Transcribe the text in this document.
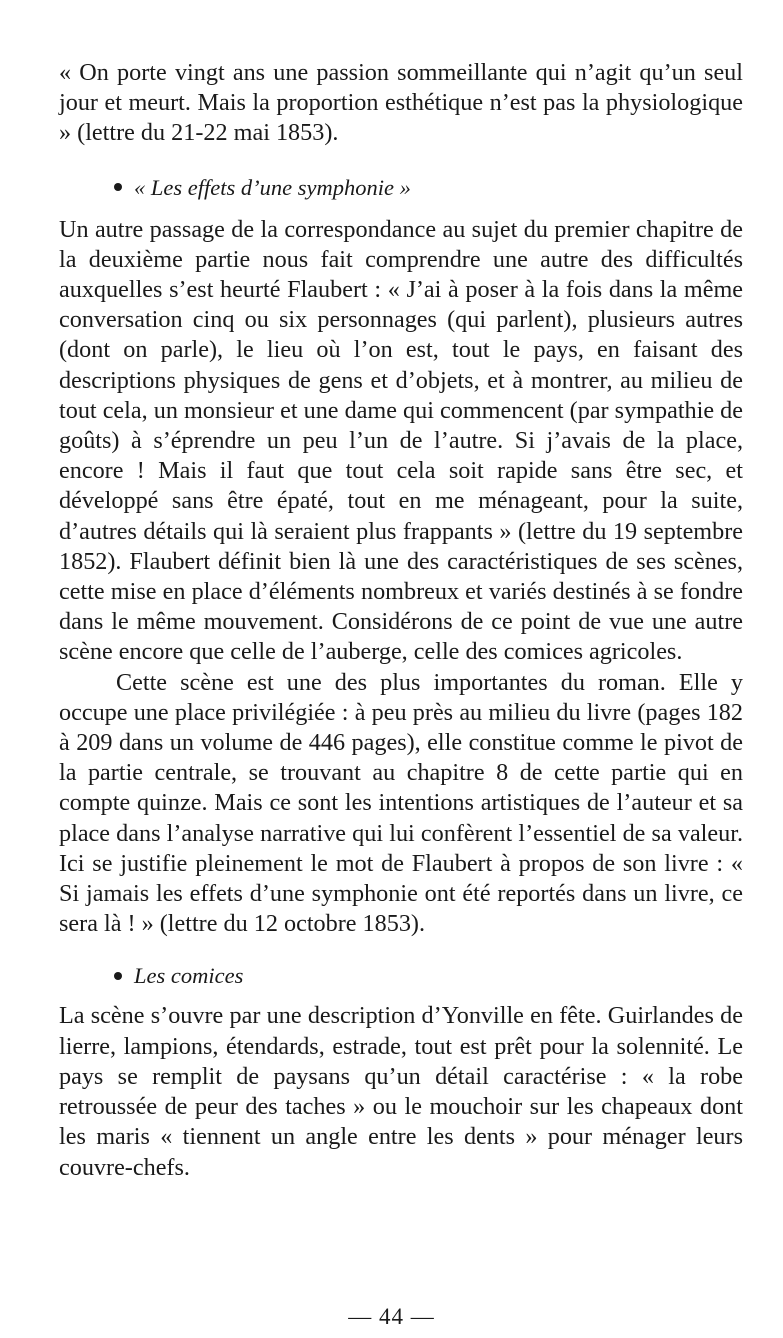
« On porte vingt ans une passion sommeillante qui n’agit qu’un seul jour et meurt. Mais la proportion esthétique n’est pas la physiologique » (lettre du 21-22 mai 1853).

« Les effets d’une symphonie »

Un autre passage de la correspondance au sujet du premier chapitre de la deuxième partie nous fait comprendre une autre des difficultés auxquelles s’est heurté Flaubert : « J’ai à poser à la fois dans la même conversation cinq ou six personnages (qui parlent), plusieurs autres (dont on parle), le lieu où l’on est, tout le pays, en faisant des descriptions physiques de gens et d’objets, et à montrer, au milieu de tout cela, un monsieur et une dame qui commencent (par sympathie de goûts) à s’éprendre un peu l’un de l’autre. Si j’avais de la place, encore ! Mais il faut que tout cela soit rapide sans être sec, et développé sans être épaté, tout en me ménageant, pour la suite, d’autres détails qui là seraient plus frappants » (lettre du 19 septembre 1852). Flaubert définit bien là une des caractéristiques de ses scènes, cette mise en place d’éléments nombreux et variés destinés à se fondre dans le même mouvement. Considérons de ce point de vue une autre scène encore que celle de l’auberge, celle des comices agricoles.

Cette scène est une des plus importantes du roman. Elle y occupe une place privilégiée : à peu près au milieu du livre (pages 182 à 209 dans un volume de 446 pages), elle constitue comme le pivot de la partie centrale, se trouvant au chapitre 8 de cette partie qui en compte quinze. Mais ce sont les intentions artistiques de l’auteur et sa place dans l’analyse narrative qui lui confèrent l’essentiel de sa valeur. Ici se justifie pleinement le mot de Flaubert à propos de son livre : « Si jamais les effets d’une symphonie ont été reportés dans un livre, ce sera là ! » (lettre du 12 octobre 1853).

Les comices

La scène s’ouvre par une description d’Yonville en fête. Guirlandes de lierre, lampions, étendards, estrade, tout est prêt pour la solennité. Le pays se remplit de paysans qu’un détail caractérise : « la robe retroussée de peur des taches » ou le mouchoir sur les chapeaux dont les maris « tiennent un angle entre les dents » pour ménager leurs couvre-chefs.

— 44 —
